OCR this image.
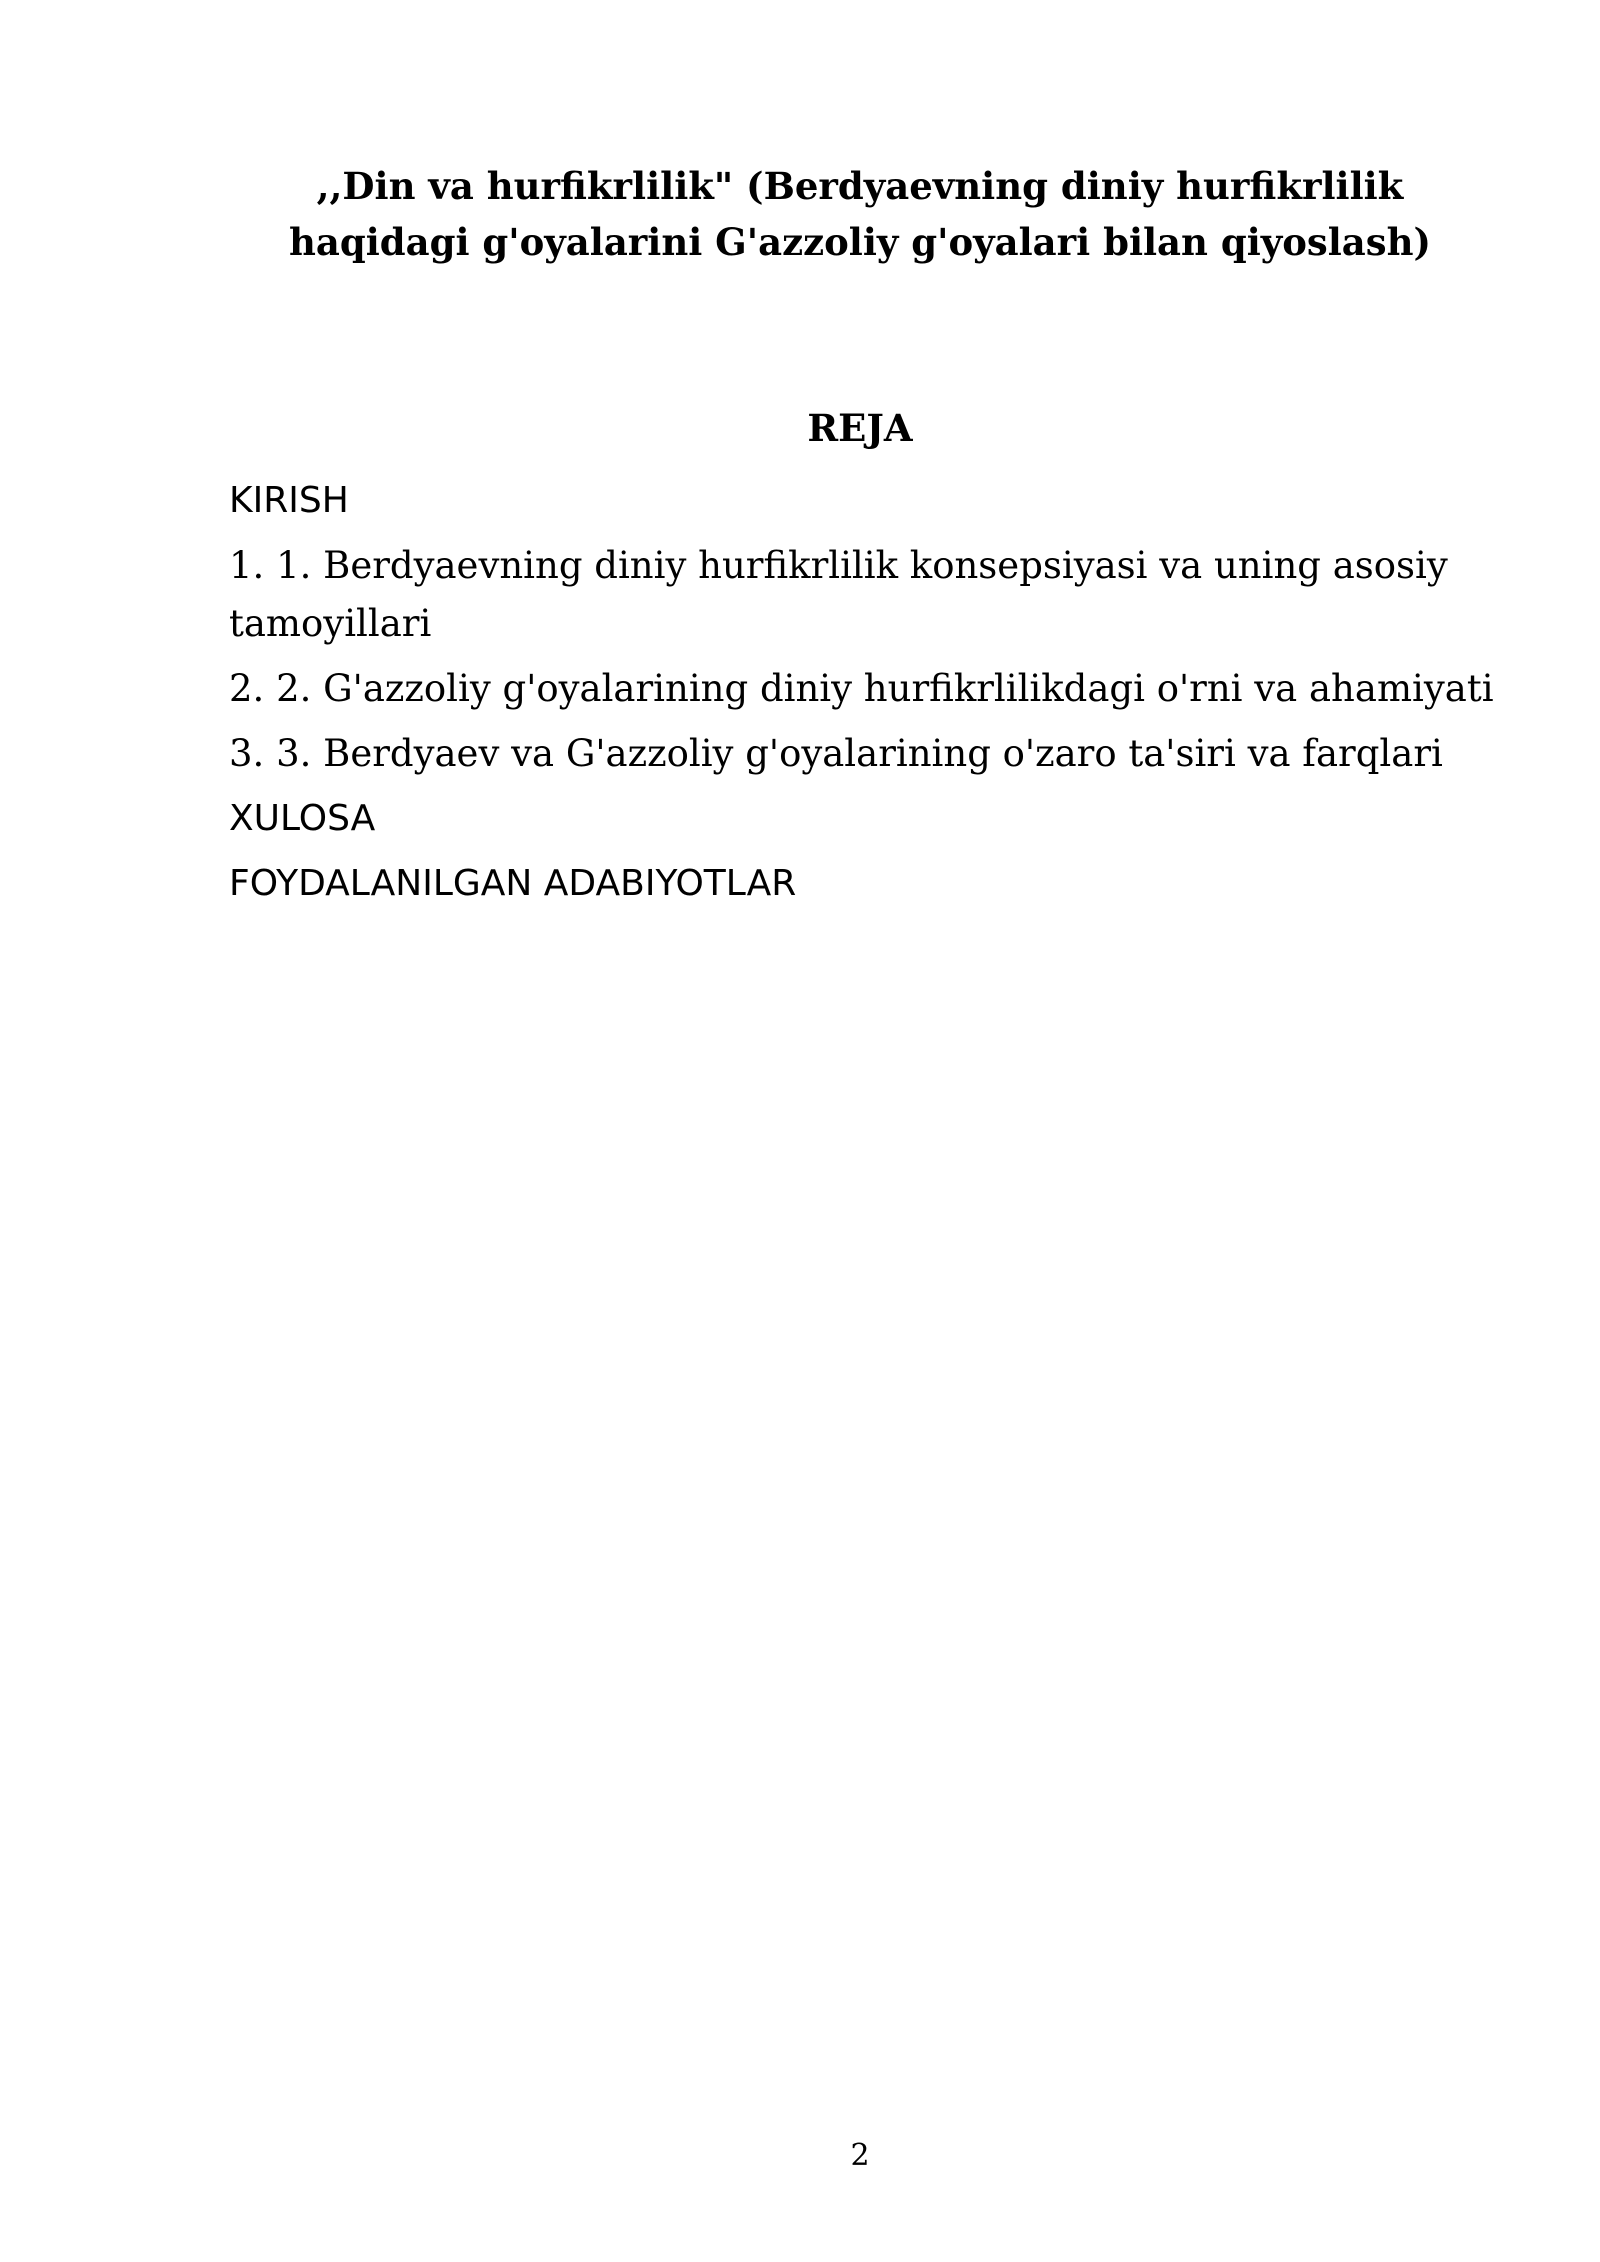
,,Din va hurfikrlilik" (Berdyaevning diniy hurfikrlilik haqidagi g'oyalarini G'azzoliy g'oyalari bilan qiyoslash)
REJA
KIRISH
1. 1. Berdyaevning diniy hurfikrlilik konsepsiyasi va uning asosiy tamoyillari
2. 2. G'azzoliy g'oyalarining diniy hurfikrlilikdagi o'rni va ahamiyati
3. 3. Berdyaev va G'azzoliy g'oyalarining o'zaro ta'siri va farqlari
XULOSA
FOYDALANILGAN ADABIYOTLAR

2
